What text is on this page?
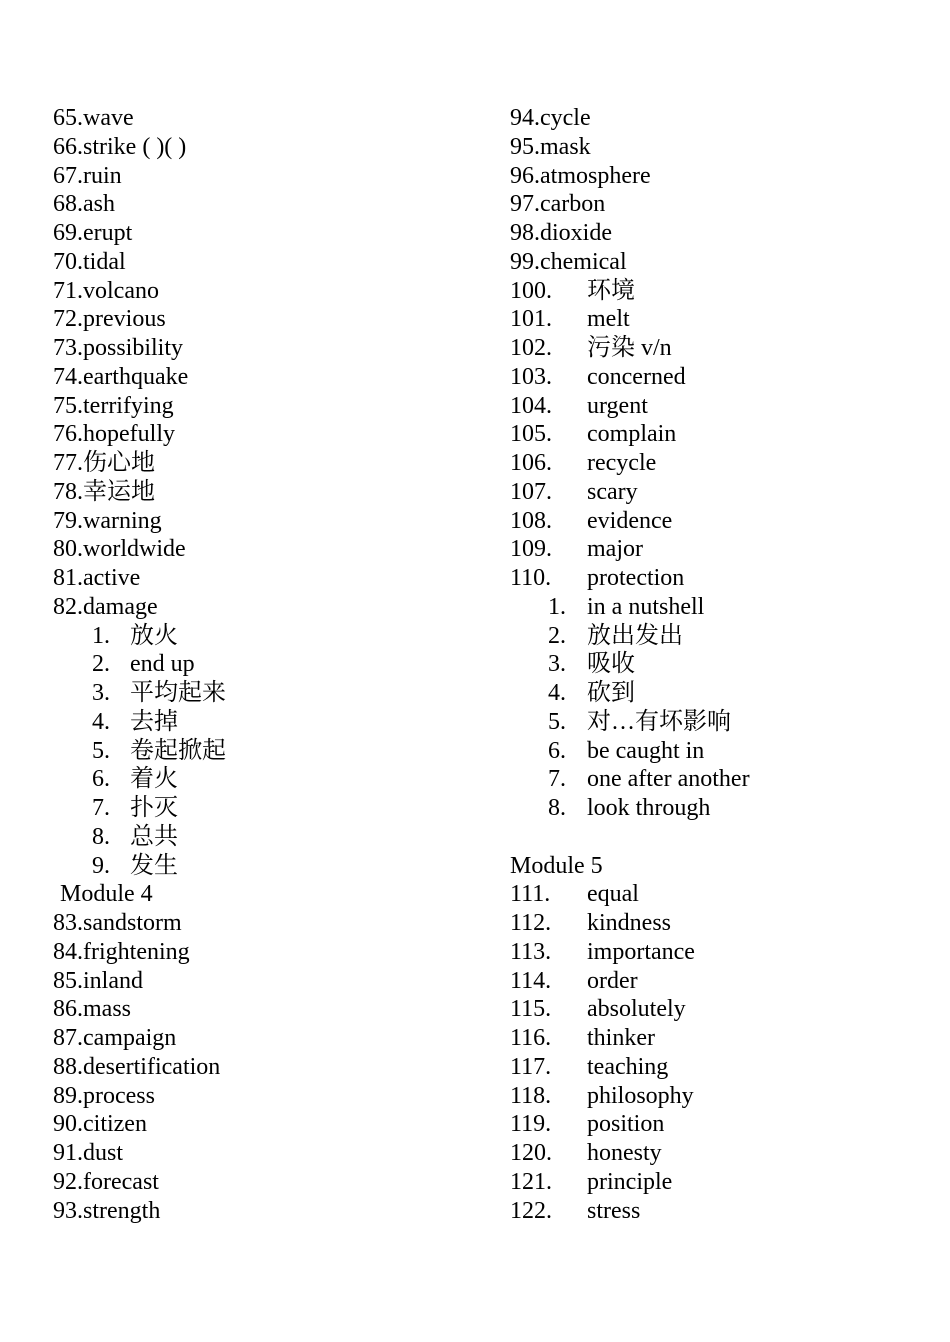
65.wave
66.strike ( )( )
67.ruin
68.ash
69.erupt
70.tidal
71.volcano
72.previous
73.possibility
74.earthquake
75.terrifying
76.hopefully
77.伤心地
78.幸运地
79.warning
80.worldwide
81.active
82.damage
1. 放火
2. end up
3. 平均起来
4. 去掉
5. 卷起掀起
6. 着火
7. 扑灭
8. 总共
9. 发生
Module 4
83.sandstorm
84.frightening
85.inland
86.mass
87.campaign
88.desertification
89.process
90.citizen
91.dust
92.forecast
93.strength
94.cycle
95.mask
96.atmosphere
97.carbon
98.dioxide
99.chemical
100. 环境
101. melt
102. 污染 v/n
103. concerned
104. urgent
105. complain
106. recycle
107. scary
108. evidence
109. major
110. protection
1. in a nutshell
2. 放出发出
3. 吸收
4. 砍到
5. 对…有坏影响
6. be caught in
7. one after another
8. look through
Module 5
111. equal
112. kindness
113. importance
114. order
115. absolutely
116. thinker
117. teaching
118. philosophy
119. position
120. honesty
121. principle
122. stress
